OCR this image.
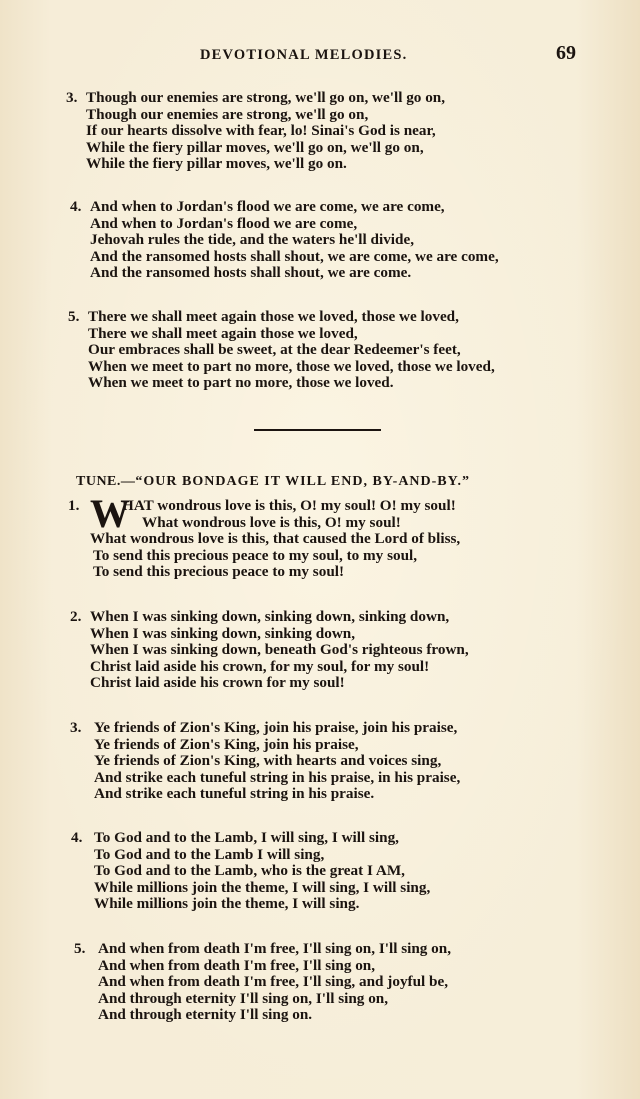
DEVOTIONAL MELODIES.	69
3. Though our enemies are strong, we'll go on, we'll go on,
Though our enemies are strong, we'll go on,
If our hearts dissolve with fear, lo! Sinai's God is near,
While the fiery pillar moves, we'll go on, we'll go on,
While the fiery pillar moves, we'll go on.
4. And when to Jordan's flood we are come, we are come,
And when to Jordan's flood we are come,
Jehovah rules the tide, and the waters he'll divide,
And the ransomed hosts shall shout, we are come, we are come,
And the ransomed hosts shall shout, we are come.
5. There we shall meet again those we loved, those we loved,
There we shall meet again those we loved,
Our embraces shall be sweet, at the dear Redeemer's feet,
When we meet to part no more, those we loved, those we loved,
When we meet to part no more, those we loved.
TUNE.—“OUR BONDAGE IT WILL END, BY-AND-BY.”
1. W
HAT wondrous love is this, O! my soul! O! my soul!
What wondrous love is this, O! my soul!
What wondrous love is this, that caused the Lord of bliss,
To send this precious peace to my soul, to my soul,
To send this precious peace to my soul!
2. When I was sinking down, sinking down, sinking down,
When I was sinking down, sinking down,
When I was sinking down, beneath God's righteous frown,
Christ laid aside his crown, for my soul, for my soul!
Christ laid aside his crown for my soul!
3. Ye friends of Zion's King, join his praise, join his praise,
Ye friends of Zion's King, join his praise,
Ye friends of Zion's King, with hearts and voices sing,
And strike each tuneful string in his praise, in his praise,
And strike each tuneful string in his praise.
4. To God and to the Lamb, I will sing, I will sing,
To God and to the Lamb I will sing,
To God and to the Lamb, who is the great I AM,
While millions join the theme, I will sing, I will sing,
While millions join the theme, I will sing.
5. And when from death I'm free, I'll sing on, I'll sing on,
And when from death I'm free, I'll sing on,
And when from death I'm free, I'll sing, and joyful be,
And through eternity I'll sing on, I'll sing on,
And through eternity I'll sing on.
